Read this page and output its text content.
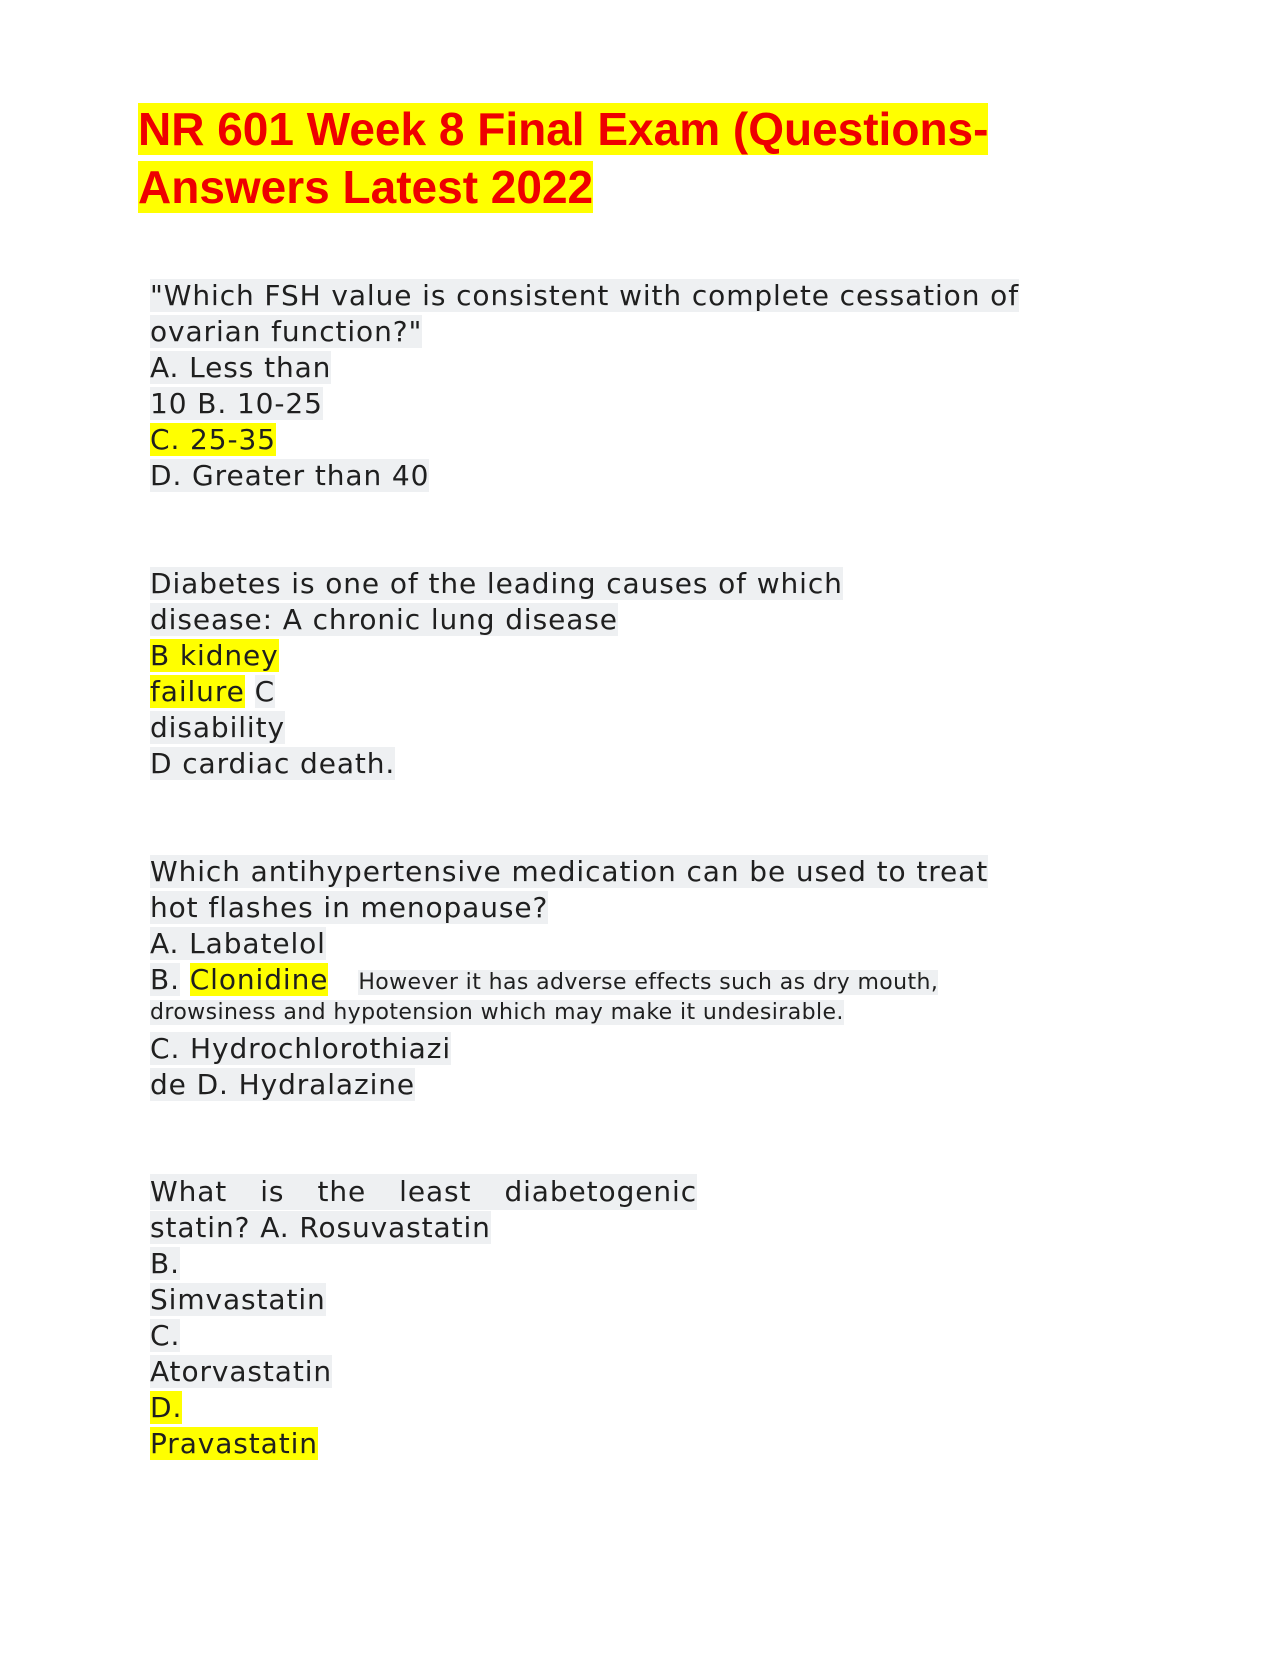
NR 601 Week 8 Final Exam (Questions-
Answers Latest 2022

"Which FSH value is consistent with complete cessation of

ovarian function?"

A. Less than

10 B. 10-25

C. 25-35

D. Greater than 40

Diabetes is one of the leading causes of which

disease: A chronic lung disease

B kidney

failure C

disability

D cardiac death.

Which antihypertensive medication can be used to treat

hot flashes in menopause?

A. Labatelol

B. Clonidine However it has adverse effects such as dry mouth,

drowsiness and hypotension which may make it undesirable.

C. Hydrochlorothiazi

de D. Hydralazine

What is the least diabetogenic

statin? A. Rosuvastatin

B.

Simvastatin

C.

Atorvastatin

D.

Pravastatin
